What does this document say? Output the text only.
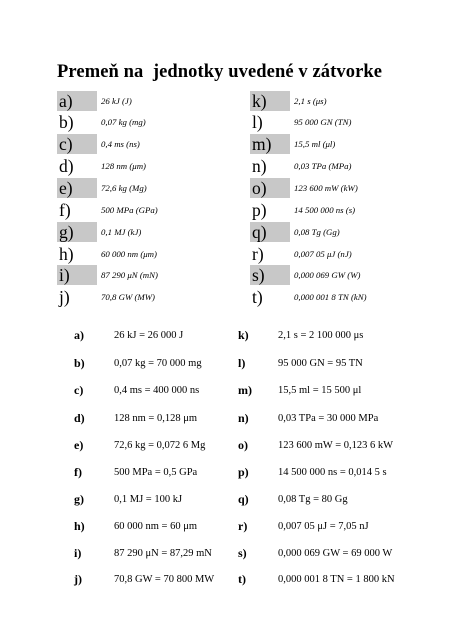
Premeň na  jednotky uvedené v zátvorke
a)	26 kJ (J)
b)	0,07 kg (mg)
c)	0,4 ms (ns)
d)	128 nm (μm)
e)	72,6 kg (Mg)
f)	500 MPa (GPa)
g)	0,1 MJ (kJ)
h)	60 000 nm (μm)
i)	87 290 μN (mN)
j)	70,8 GW (MW)
k)	2,1 s (μs)
l)	95 000 GN (TN)
m)	15,5 ml (μl)
n)	0,03 TPa (MPa)
o)	123 600 mW (kW)
p)	14 500 000 ns (s)
q)	0,08 Tg (Gg)
r)	0,007 05 μJ (nJ)
s)	0,000 069 GW (W)
t)	0,000 001 8 TN (kN)
a)	26 kJ = 26 000 J
b)	0,07 kg = 70 000 mg
c)	0,4 ms = 400 000 ns
d)	128 nm = 0,128 μm
e)	72,6 kg = 0,072 6 Mg
f)	500 MPa = 0,5 GPa
g)	0,1 MJ = 100 kJ
h)	60 000 nm = 60 μm
i)	87 290 μN = 87,29 mN
j)	70,8 GW = 70 800 MW
k)	2,1 s = 2 100 000 μs
l)	95 000 GN = 95 TN
m)	15,5 ml = 15 500 μl
n)	0,03 TPa = 30 000 MPa
o)	123 600 mW = 0,123 6 kW
p)	14 500 000 ns = 0,014 5 s
q)	0,08 Tg = 80 Gg
r)	0,007 05 μJ = 7,05 nJ
s)	0,000 069 GW = 69 000 W
t)	0,000 001 8 TN = 1 800 kN
